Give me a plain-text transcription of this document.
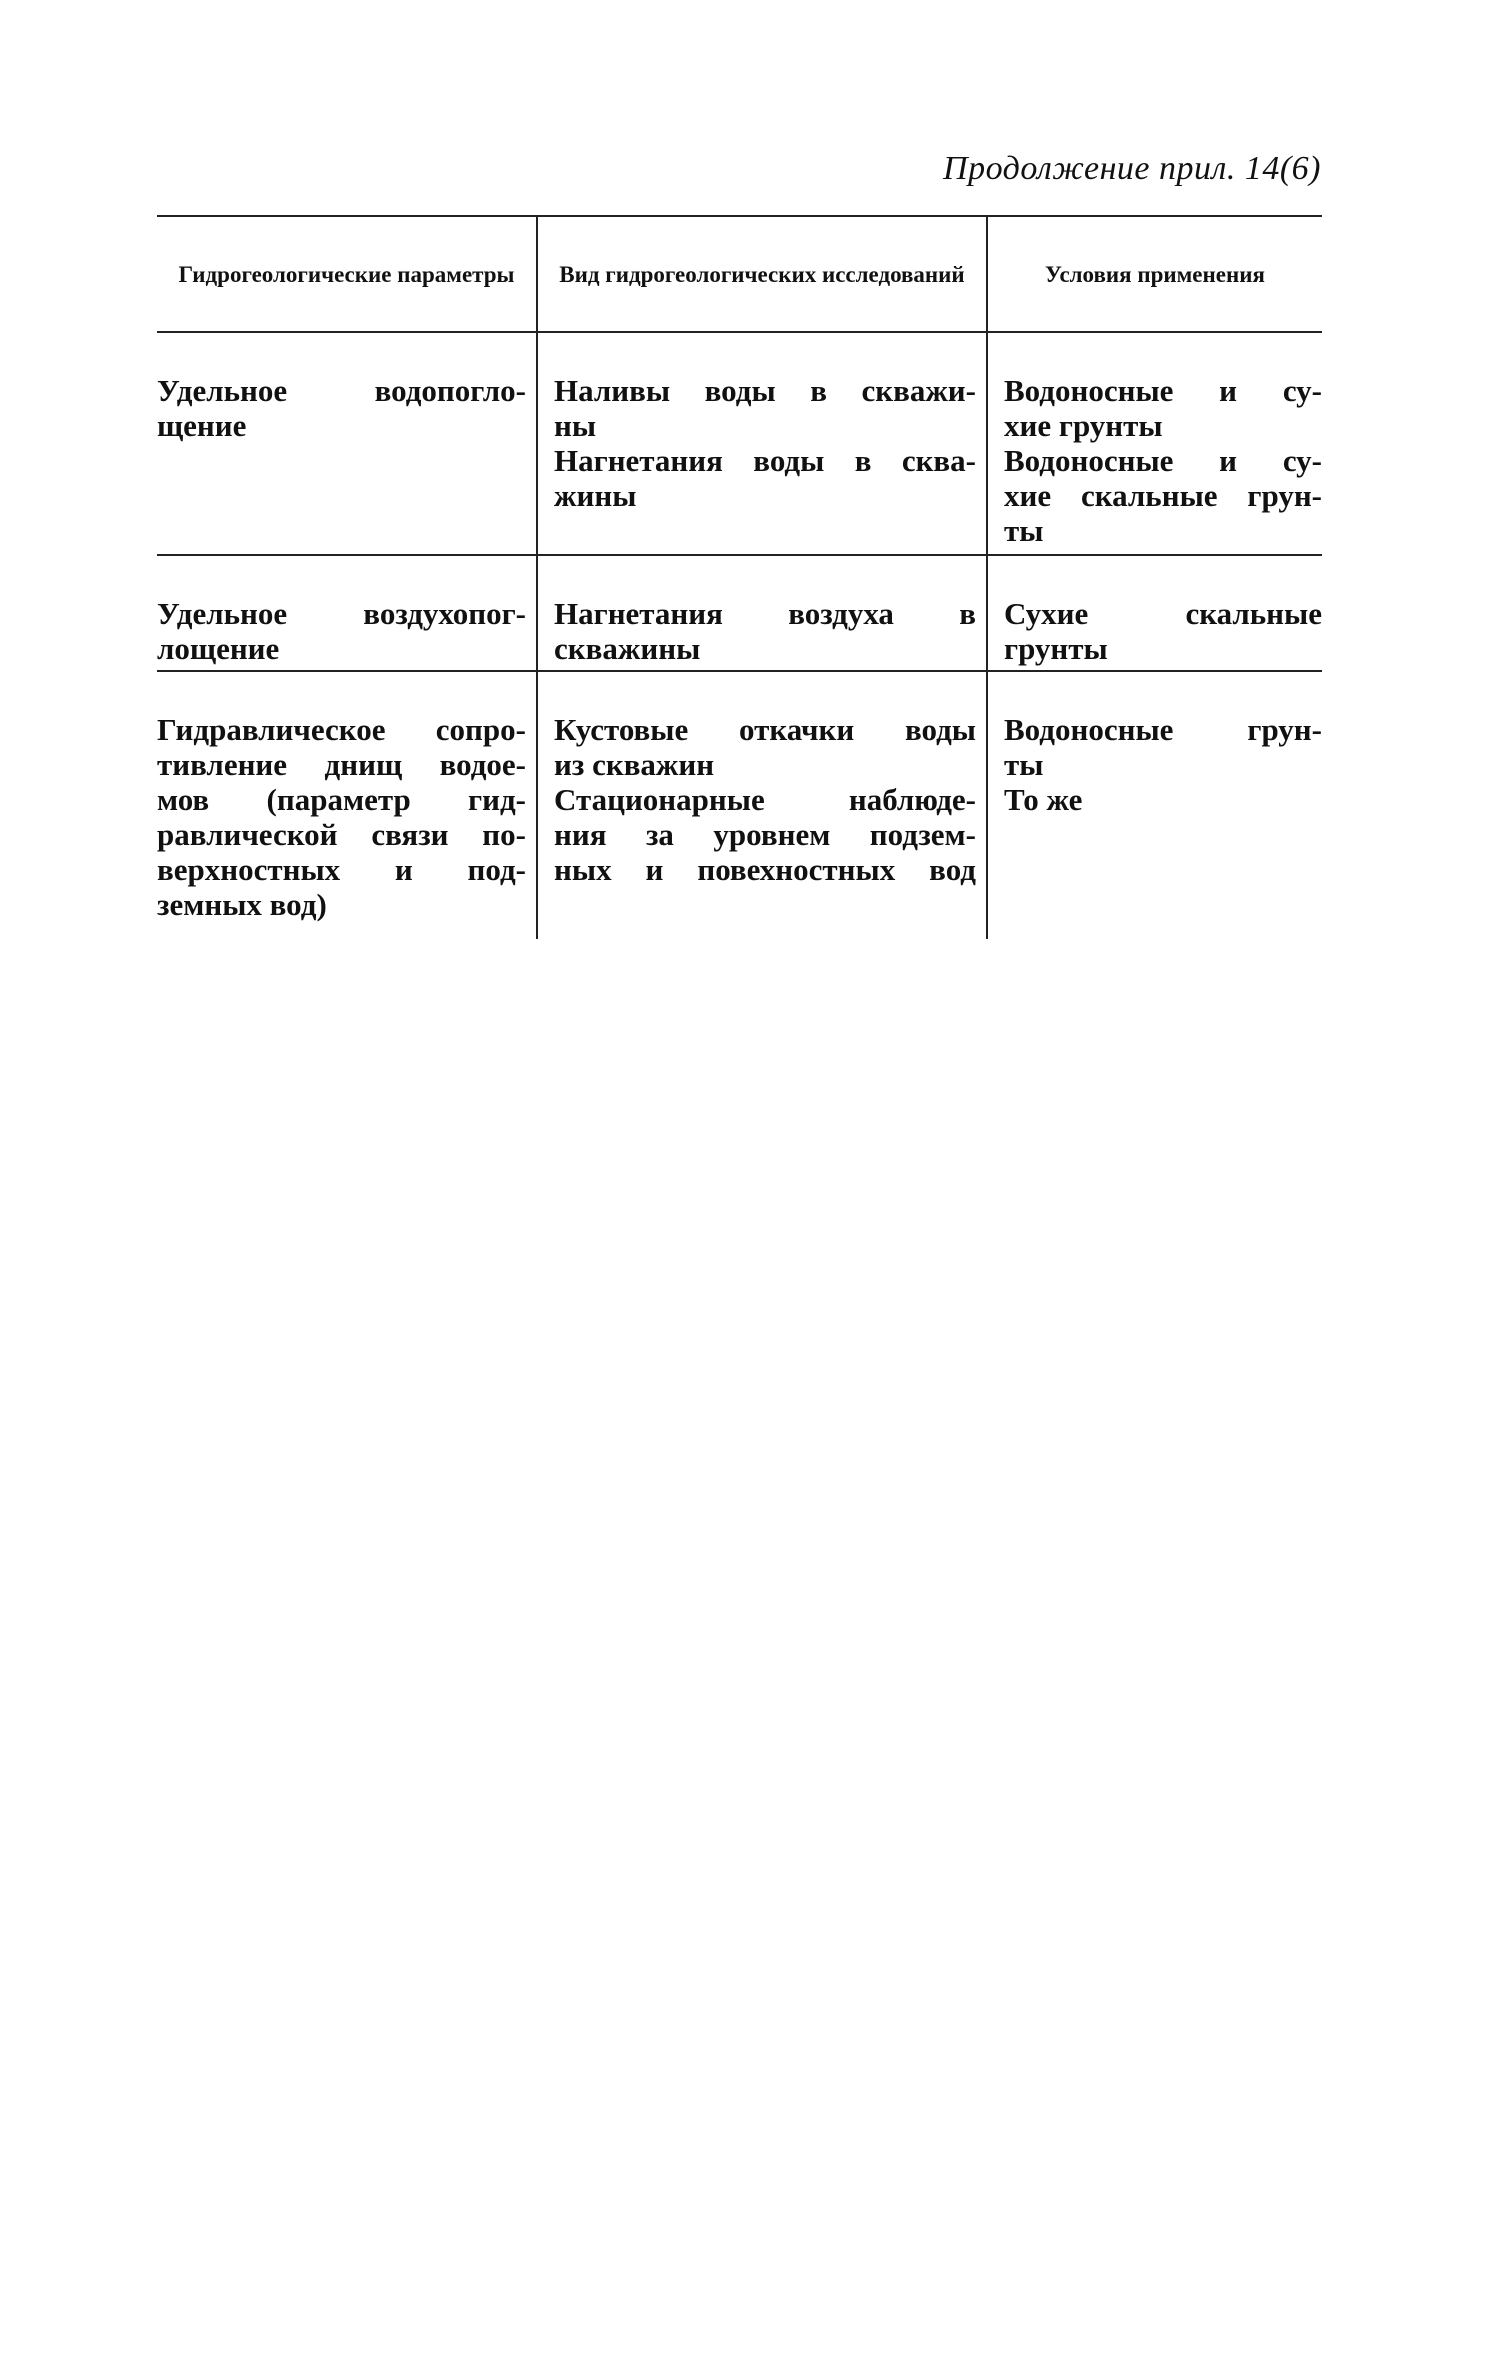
Продолжение прил. 14(6)
Гидрогеологические параметры	Вид гидрогеологических исследований	Условия применения
Удельное водопогло-
щение
Наливы воды в скважи-
ны
Нагнетания воды в сква-
жины
Водоносные и су-
хие грунты
Водоносные и су-
хие скальные грун-
ты
Удельное воздухопог-
лощение
Нагнетания воздуха в
скважины
Сухие скальные
грунты
Гидравлическое сопро-
тивление днищ водое-
мов (параметр гид-
равлической связи по-
верхностных и под-
земных вод)
Кустовые откачки воды
из скважин
Стационарные наблюде-
ния за уровнем подзем-
ных и повехностных вод
Водоносные грун-
ты
То же
